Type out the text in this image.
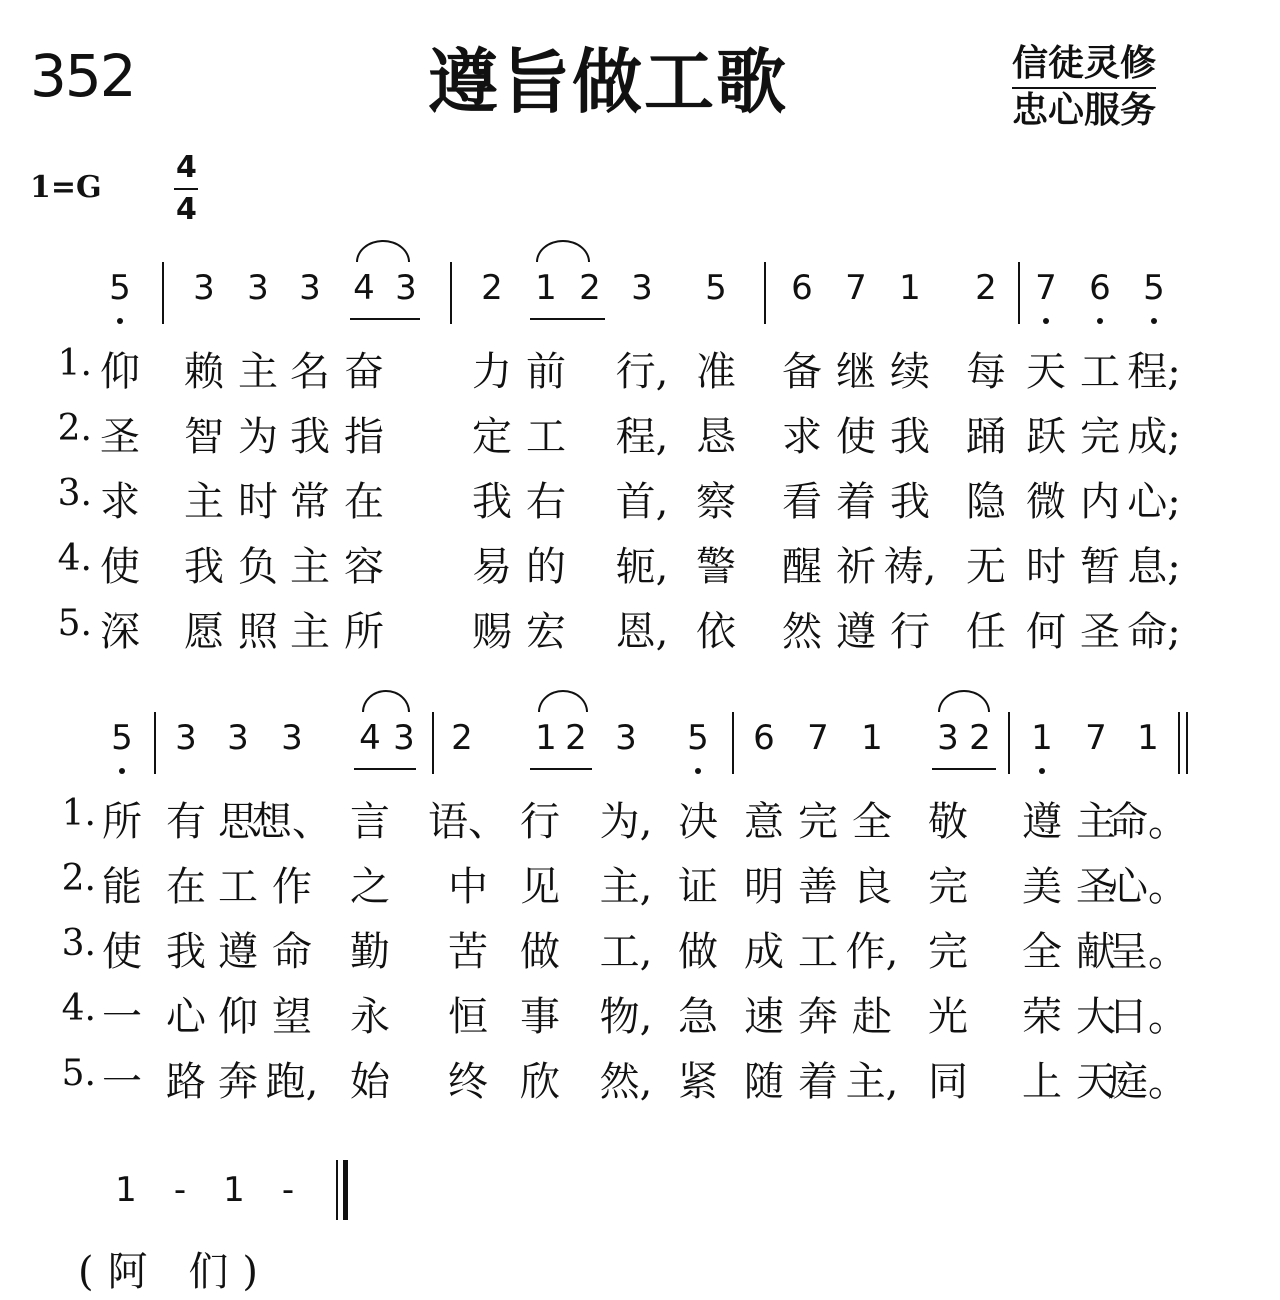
352	遵旨做工歌	信徒灵修
忠心服务
1=G
4
4
5 3 3 3 4 3 2 1 2 3 5 6 7 1 2 7 6 5
1. 仰 赖 主 名 奋 力 前 行, 准 备 继 续 每 天 工 程;
2. 圣 智 为 我 指 定 工 程, 恳 求 使 我 踊 跃 完 成;
3. 求 主 时 常 在 我 右 首, 察 看 着 我 隐 微 内 心;
4. 使 我 负 主 容 易 的 轭, 警 醒 祈 祷, 无 时 暂 息;
5. 深 愿 照 主 所 赐 宏 恩, 依 然 遵 行 任 何 圣 命;
5 3 3 3 4 3 2 1 2 3 5 6 7 1 3 2 1 7 1
1. 所 有 思
想、 言 语、 行 为, 决 意 完 全 敬 遵 主
命。
2. 能 在 工 作 之 中 见 主, 证 明 善 良 完 美 圣
心。
3. 使 我 遵 命 勤 苦 做 工, 做 成 工 作, 完 全 献
呈。
4. 一 心 仰 望 永 恒 事 物, 急 速 奔 赴 光 荣 大
日。
5. 一 路 奔 跑, 始 终 欣 然, 紧 随 着 主, 同 上 天
庭。
1 - 1 -
(阿 们)
